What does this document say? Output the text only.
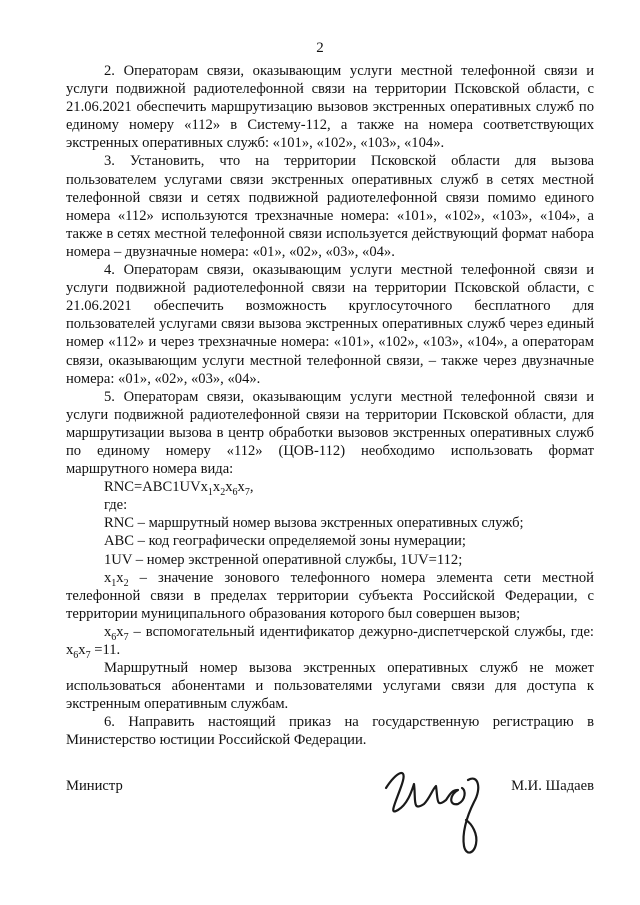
2

2. Операторам связи, оказывающим услуги местной телефонной связи и услуги подвижной радиотелефонной связи на территории Псковской области, с 21.06.2021 обеспечить маршрутизацию вызовов экстренных оперативных служб по единому номеру «112» в Систему-112, а также на номера соответствующих экстренных оперативных служб: «101», «102», «103», «104».

3. Установить, что на территории Псковской области для вызова пользователем услугами связи экстренных оперативных служб в сетях местной телефонной связи и сетях подвижной радиотелефонной связи помимо единого номера «112» используются трехзначные номера: «101», «102», «103», «104», а также в сетях местной телефонной связи используется действующий формат набора номера – двузначные номера: «01», «02», «03», «04».

4. Операторам связи, оказывающим услуги местной телефонной связи и услуги подвижной радиотелефонной связи на территории Псковской области, с 21.06.2021 обеспечить возможность круглосуточного бесплатного для пользователей услугами связи вызова экстренных оперативных служб через единый номер «112» и через трехзначные номера: «101», «102», «103», «104», а операторам связи, оказывающим услуги местной телефонной связи, – также через двузначные номера: «01», «02», «03», «04».

5. Операторам связи, оказывающим услуги местной телефонной связи и услуги подвижной радиотелефонной связи на территории Псковской области, для маршрутизации вызова в центр обработки вызовов экстренных оперативных служб по единому номеру «112» (ЦОВ-112) необходимо использовать формат маршрутного номера вида:

$RNC=ABC1UVx_1x_2x_6x_7$,

где:

RNC – маршрутный номер вызова экстренных оперативных служб;

ABC – код географически определяемой зоны нумерации;

1UV – номер экстренной оперативной службы, 1UV=112;

$x_1x_2$ – значение зонового телефонного номера элемента сети местной телефонной связи в пределах территории субъекта Российской Федерации, с территории муниципального образования которого был совершен вызов;

$x_6x_7$ – вспомогательный идентификатор дежурно-диспетчерской службы, где: $x_6x_7 =11$.

Маршрутный номер вызова экстренных оперативных служб не может использоваться абонентами и пользователями услугами связи для доступа к экстренным оперативным службам.

6. Направить настоящий приказ на государственную регистрацию в Министерство юстиции Российской Федерации.

Министр	М.И. Шадаев
